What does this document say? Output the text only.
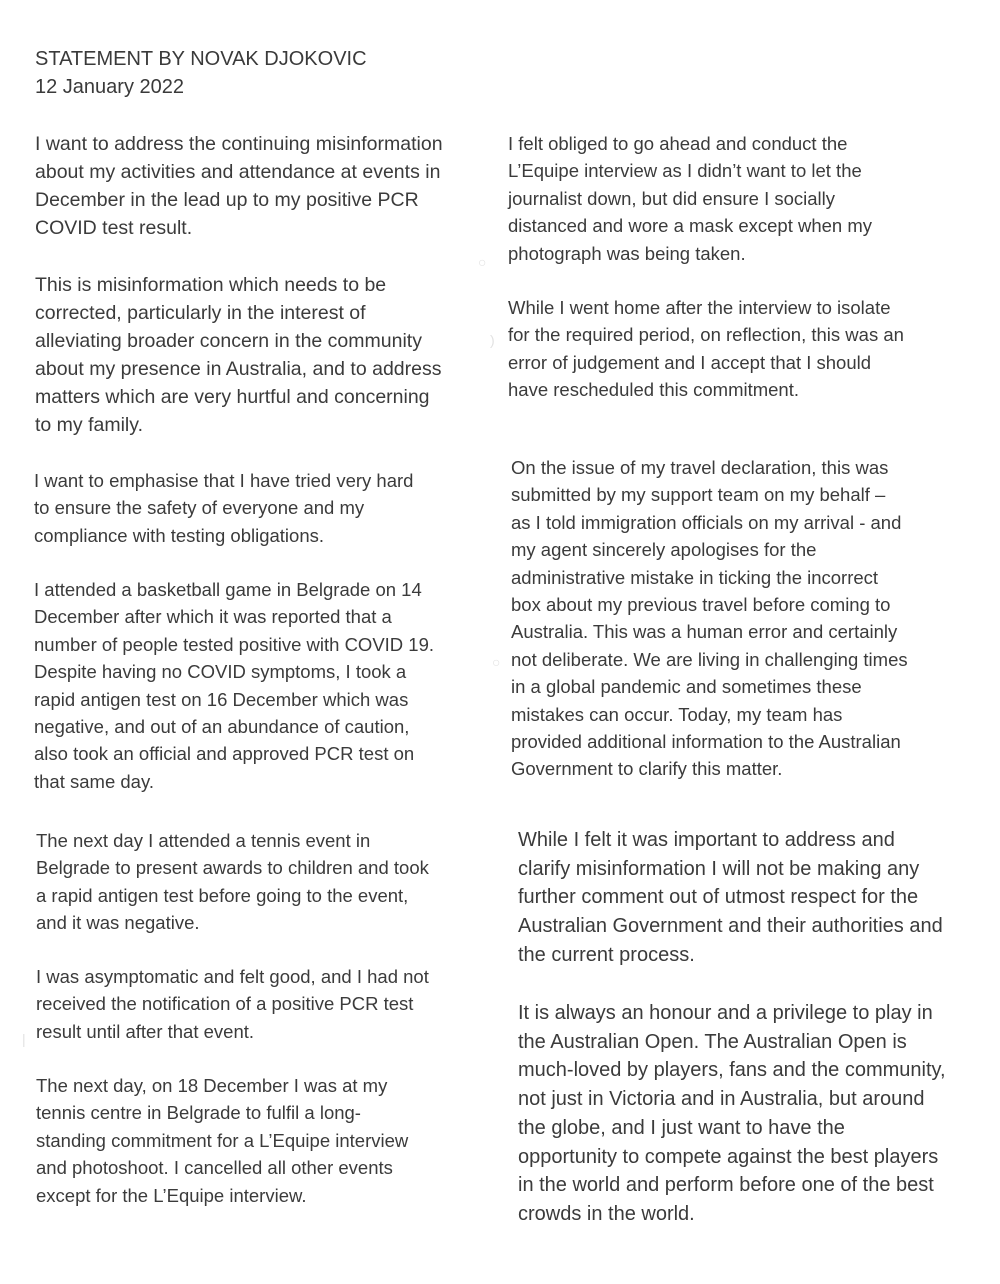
STATEMENT BY NOVAK DJOKOVIC
12 January 2022
I want to address the continuing misinformation
about my activities and attendance at events in
December in the lead up to my positive PCR
COVID test result.
This is misinformation which needs to be
corrected, particularly in the interest of
alleviating broader concern in the community
about my presence in Australia, and to address
matters which are very hurtful and concerning
to my family.
I want to emphasise that I have tried very hard
to ensure the safety of everyone and my
compliance with testing obligations.
I attended a basketball game in Belgrade on 14
December after which it was reported that a
number of people tested positive with COVID 19.
Despite having no COVID symptoms, I took a
rapid antigen test on 16 December which was
negative, and out of an abundance of caution,
also took an official and approved PCR test on
that same day.
The next day I attended a tennis event in
Belgrade to present awards to children and took
a rapid antigen test before going to the event,
and it was negative.
I was asymptomatic and felt good, and I had not
received the notification of a positive PCR test
result until after that event.
The next day, on 18 December I was at my
tennis centre in Belgrade to fulfil a long-
standing commitment for a L’Equipe interview
and photoshoot. I cancelled all other events
except for the L’Equipe interview.
I felt obliged to go ahead and conduct the
L’Equipe interview as I didn’t want to let the
journalist down, but did ensure I socially
distanced and wore a mask except when my
photograph was being taken.
While I went home after the interview to isolate
for the required period, on reflection, this was an
error of judgement and I accept that I should
have rescheduled this commitment.
On the issue of my travel declaration, this was
submitted by my support team on my behalf –
as I told immigration officials on my arrival - and
my agent sincerely apologises for the
administrative mistake in ticking the incorrect
box about my previous travel before coming to
Australia. This was a human error and certainly
not deliberate. We are living in challenging times
in a global pandemic and sometimes these
mistakes can occur. Today, my team has
provided additional information to the Australian
Government to clarify this matter.
While I felt it was important to address and
clarify misinformation I will not be making any
further comment out of utmost respect for the
Australian Government and their authorities and
the current process.
It is always an honour and a privilege to play in
the Australian Open. The Australian Open is
much-loved by players, fans and the community,
not just in Victoria and in Australia, but around
the globe, and I just want to have the
opportunity to compete against the best players
in the world and perform before one of the best
crowds in the world.
○
)
○
|
